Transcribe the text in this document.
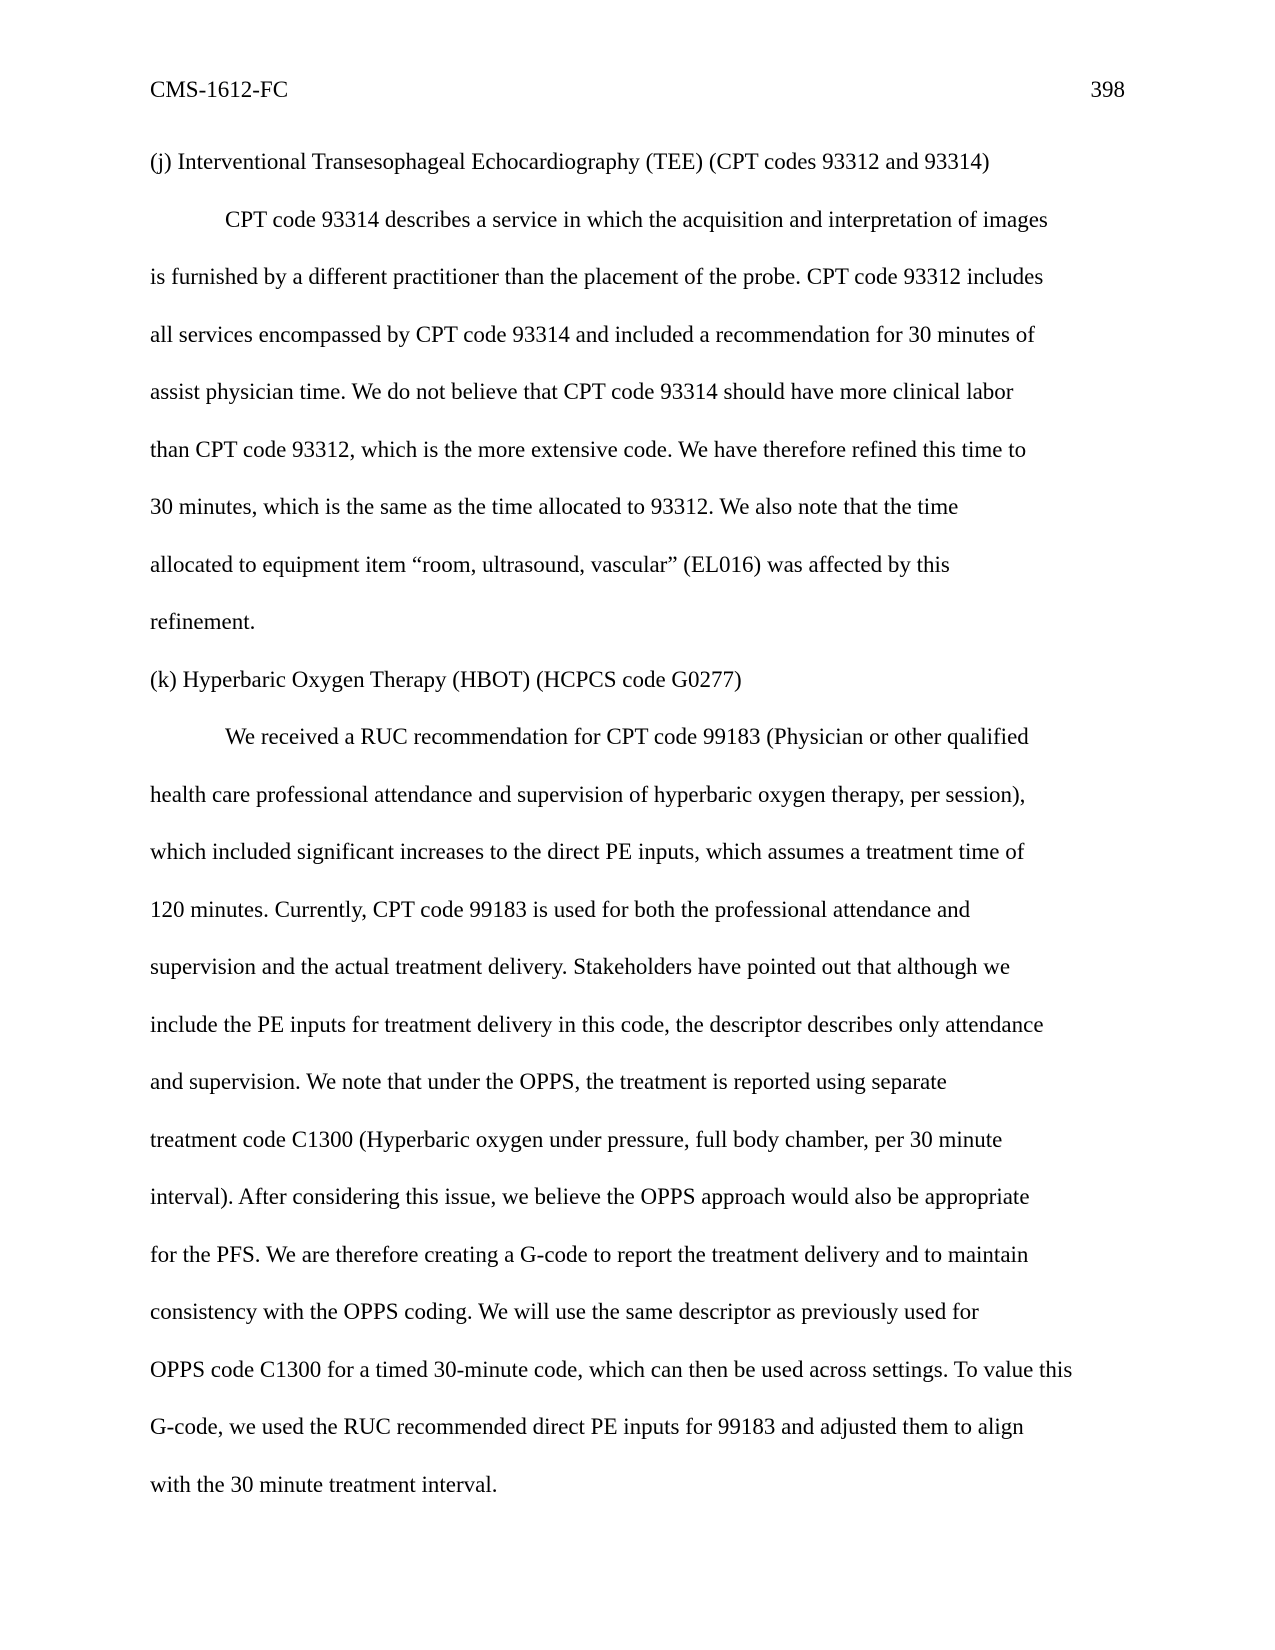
CMS-1612-FC	398
(j) Interventional Transesophageal Echocardiography (TEE) (CPT codes 93312 and 93314)
CPT code 93314 describes a service in which the acquisition and interpretation of images
is furnished by a different practitioner than the placement of the probe. CPT code 93312 includes
all services encompassed by CPT code 93314 and included a recommendation for 30 minutes of
assist physician time. We do not believe that CPT code 93314 should have more clinical labor
than CPT code 93312, which is the more extensive code. We have therefore refined this time to
30 minutes, which is the same as the time allocated to 93312. We also note that the time
allocated to equipment item “room, ultrasound, vascular” (EL016) was affected by this
refinement.
(k) Hyperbaric Oxygen Therapy (HBOT) (HCPCS code G0277)
We received a RUC recommendation for CPT code 99183 (Physician or other qualified
health care professional attendance and supervision of hyperbaric oxygen therapy, per session),
which included significant increases to the direct PE inputs, which assumes a treatment time of
120 minutes. Currently, CPT code 99183 is used for both the professional attendance and
supervision and the actual treatment delivery. Stakeholders have pointed out that although we
include the PE inputs for treatment delivery in this code, the descriptor describes only attendance
and supervision. We note that under the OPPS, the treatment is reported using separate
treatment code C1300 (Hyperbaric oxygen under pressure, full body chamber, per 30 minute
interval). After considering this issue, we believe the OPPS approach would also be appropriate
for the PFS. We are therefore creating a G-code to report the treatment delivery and to maintain
consistency with the OPPS coding. We will use the same descriptor as previously used for
OPPS code C1300 for a timed 30-minute code, which can then be used across settings. To value this
G-code, we used the RUC recommended direct PE inputs for 99183 and adjusted them to align
with the 30 minute treatment interval.
